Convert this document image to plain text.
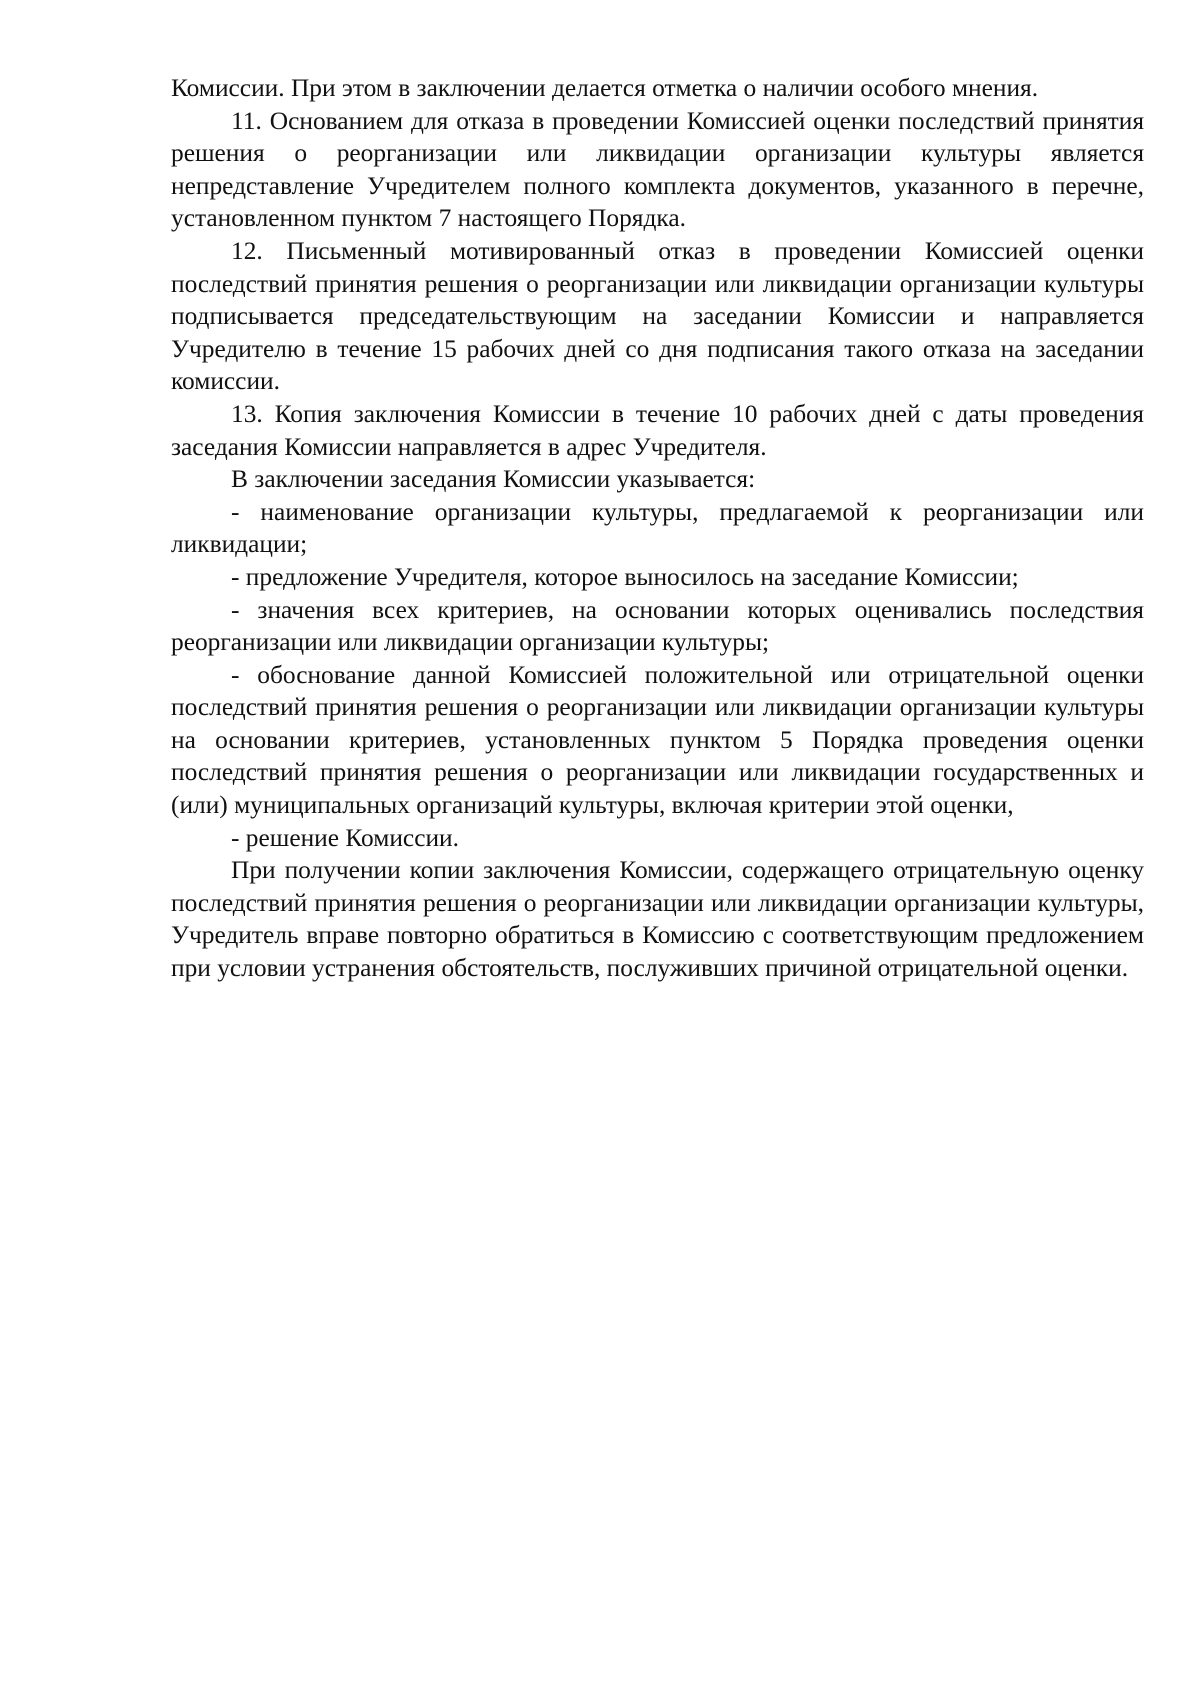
Комиссии. При этом в заключении делается отметка о наличии особого мнения.

11. Основанием для отказа в проведении Комиссией оценки последствий принятия решения о реорганизации или ликвидации организации культуры является непредставление Учредителем полного комплекта документов, указанного в перечне, установленном пунктом 7 настоящего Порядка.

12. Письменный мотивированный отказ в проведении Комиссией оценки последствий принятия решения о реорганизации или ликвидации организации культуры подписывается председательствующим на заседании Комиссии и направляется Учредителю в течение 15 рабочих дней со дня подписания такого отказа на заседании комиссии.

13. Копия заключения Комиссии в течение 10 рабочих дней с даты проведения заседания Комиссии направляется в адрес Учредителя.

В заключении заседания Комиссии указывается:

- наименование организации культуры, предлагаемой к реорганизации или ликвидации;

- предложение Учредителя, которое выносилось на заседание Комиссии;

- значения всех критериев, на основании которых оценивались последствия реорганизации или ликвидации организации культуры;

- обоснование данной Комиссией положительной или отрицательной оценки последствий принятия решения о реорганизации или ликвидации организации культуры на основании критериев, установленных пунктом 5 Порядка проведения оценки последствий принятия решения о реорганизации или ликвидации государственных и (или) муниципальных организаций культуры, включая критерии этой оценки,

- решение Комиссии.

При получении копии заключения Комиссии, содержащего отрицательную оценку последствий принятия решения о реорганизации или ликвидации организации культуры, Учредитель вправе повторно обратиться в Комиссию с соответствующим предложением при условии устранения обстоятельств, послуживших причиной отрицательной оценки.
